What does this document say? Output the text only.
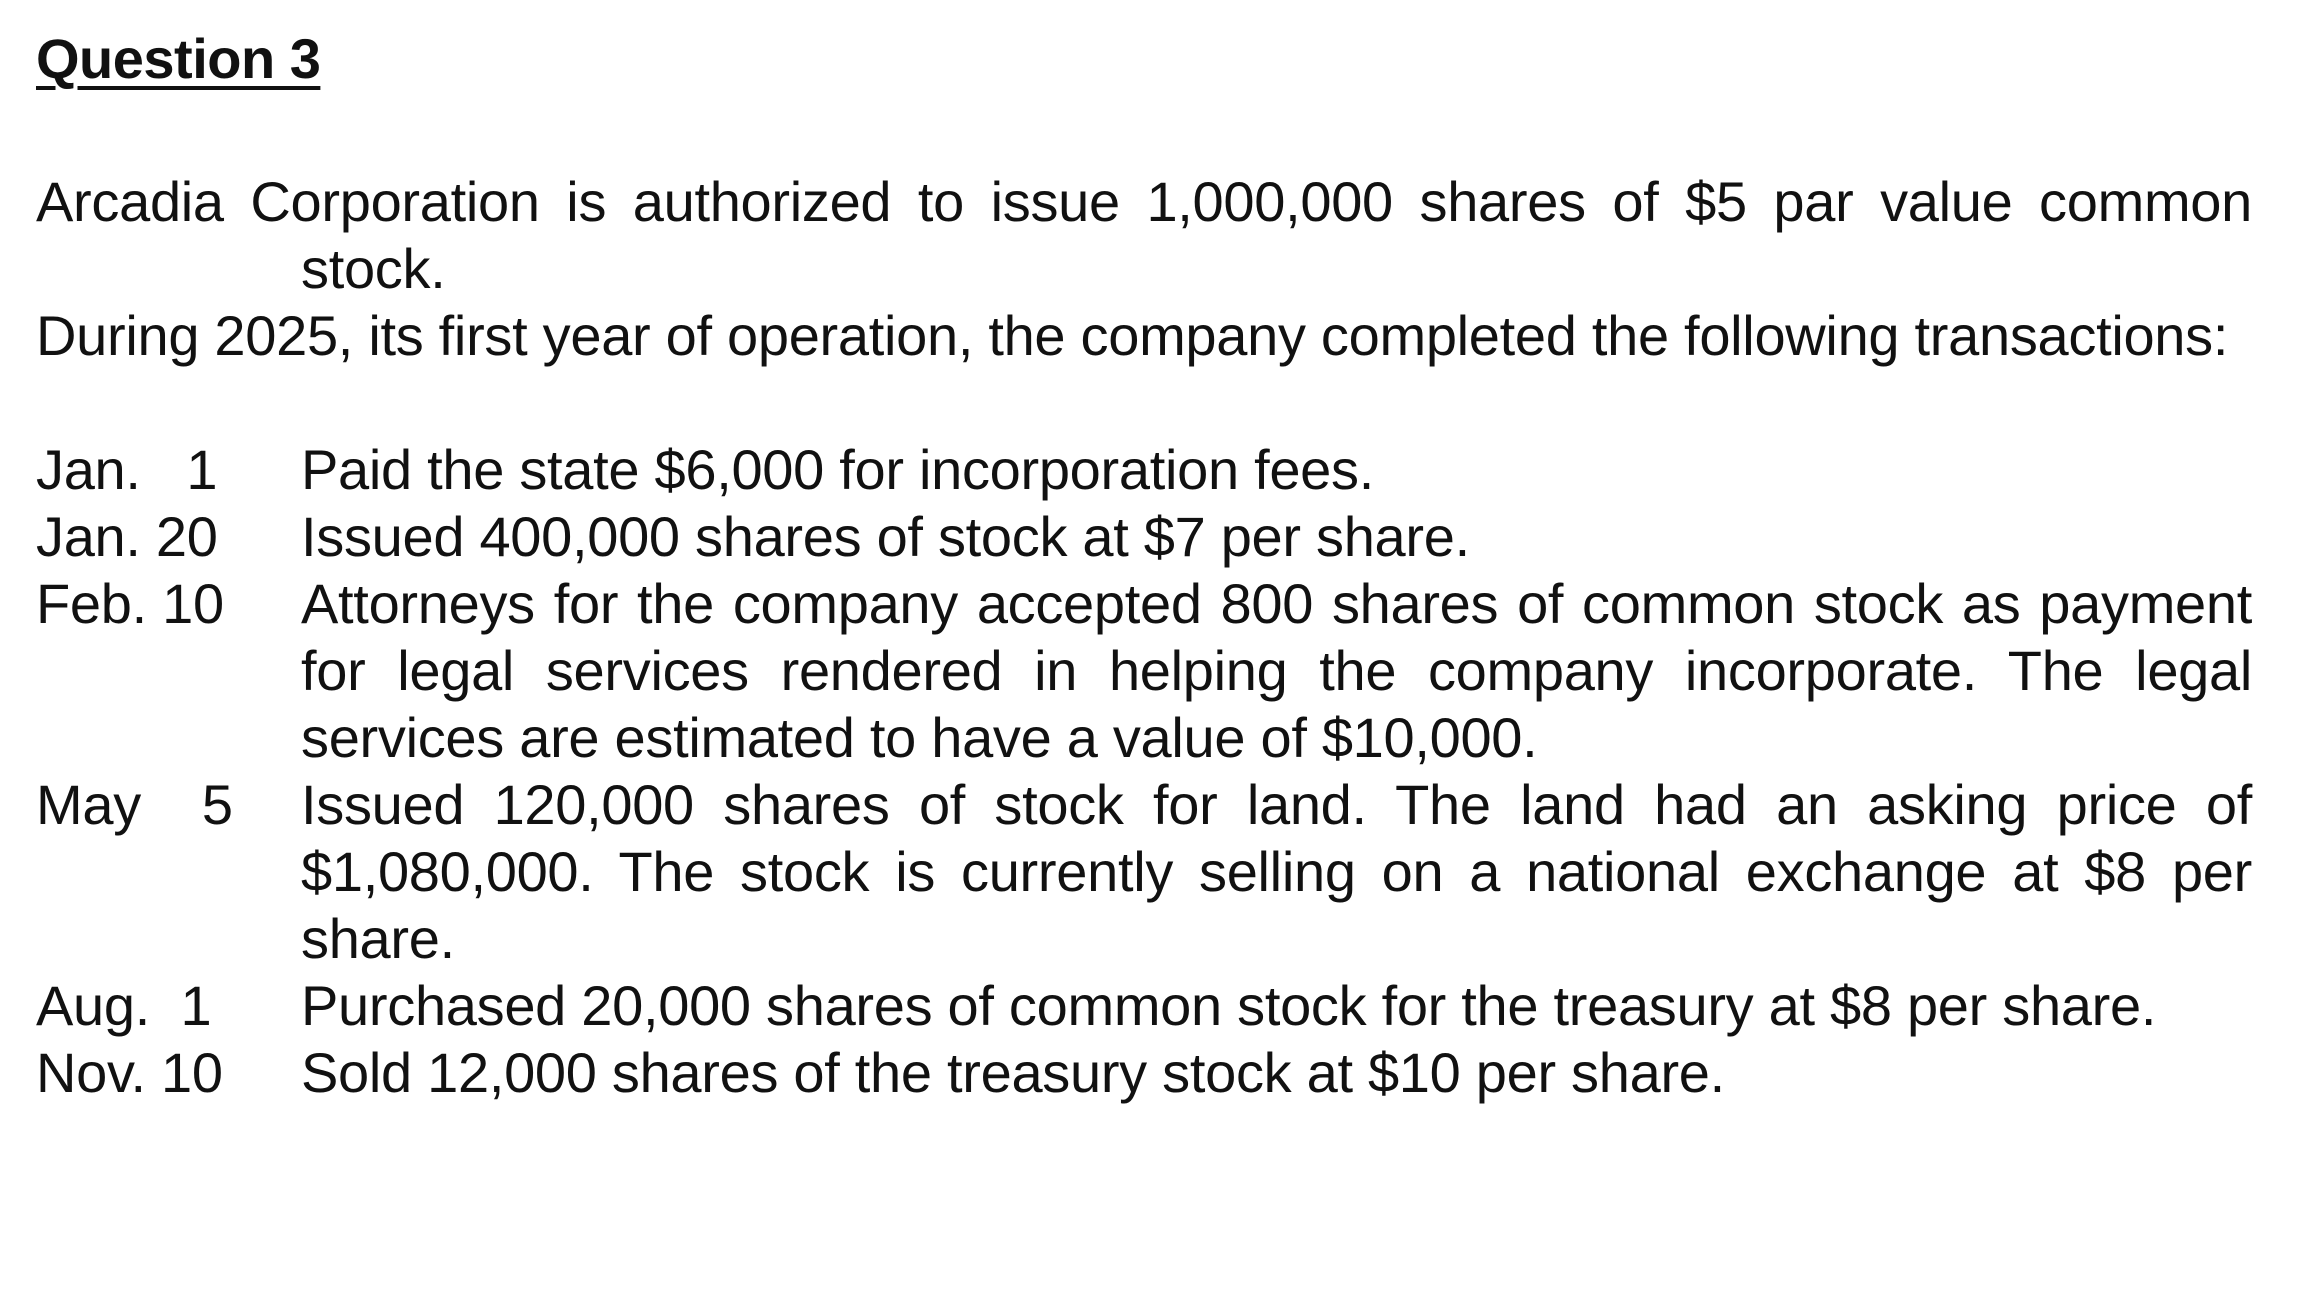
Question 3

Arcadia Corporation is authorized to issue 1,000,000 shares of $5 par value common stock.

During 2025, its first year of operation, the company completed the following transactions:

Jan.   1	Paid the state $6,000 for incorporation fees.
Jan. 20	Issued 400,000 shares of stock at $7 per share.
Feb. 10	Attorneys for the company accepted 800 shares of common stock as payment for legal services rendered in helping the company incorporate. The legal services are estimated to have a value of $10,000.
May    5	Issued 120,000 shares of stock for land. The land had an asking price of $1,080,000. The stock is currently selling on a national exchange at $8 per share.
Aug.  1	Purchased 20,000 shares of common stock for the treasury at $8 per share.
Nov. 10	Sold 12,000 shares of the treasury stock at $10 per share.
